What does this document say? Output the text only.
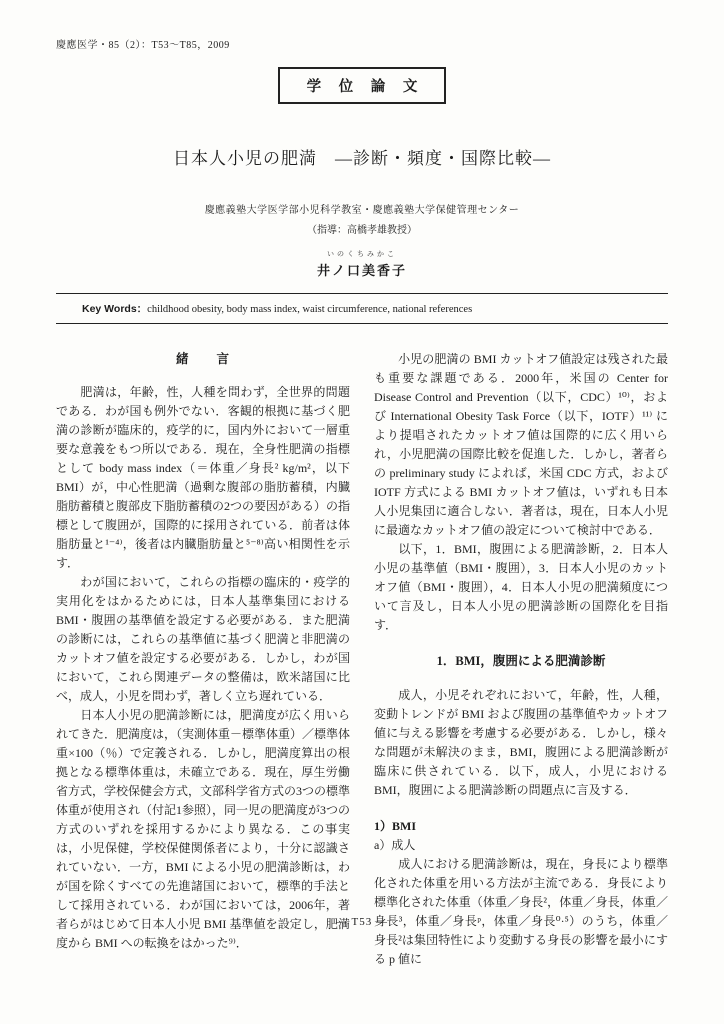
慶應医学・85（2）：T53～T85，2009
学 位 論 文
日本人小児の肥満　―診断・頻度・国際比較―
慶應義塾大学医学部小児科学教室・慶應義塾大学保健管理センター
（指導：高橋孝雄教授）
いのくちみかこ
井ノ口美香子
Key Words：childhood obesity, body mass index, waist circumference, national references
緒　　言

　肥満は，年齢，性，人種を問わず，全世界的問題である．わが国も例外でない．客観的根拠に基づく肥満の診断が臨床的，疫学的に，国内外において一層重要な意義をもつ所以である．現在，全身性肥満の指標として body mass index（＝体重／身長² kg/m²，以下 BMI）が，中心性肥満（過剰な腹部の脂肪蓄積，内臓脂肪蓄積と腹部皮下脂肪蓄積の2つの要因がある）の指標として腹囲が，国際的に採用されている．前者は体脂肪量と¹⁻⁴⁾，後者は内臓脂肪量と⁵⁻⁸⁾高い相関性を示す．

　わが国において，これらの指標の臨床的・疫学的実用化をはかるためには，日本人基準集団における BMI・腹囲の基準値を設定する必要がある．また肥満の診断には，これらの基準値に基づく肥満と非肥満のカットオフ値を設定する必要がある．しかし，わが国において，これら関連データの整備は，欧米諸国に比べ，成人，小児を問わず，著しく立ち遅れている．

　日本人小児の肥満診断には，肥満度が広く用いられてきた．肥満度は，（実測体重－標準体重）／標準体重×100（％）で定義される．しかし，肥満度算出の根拠となる標準体重は，未確立である．現在，厚生労働省方式，学校保健会方式，文部科学省方式の3つの標準体重が使用され（付記1参照），同一児の肥満度が3つの方式のいずれを採用するかにより異なる．この事実は，小児保健，学校保健関係者により，十分に認識されていない．一方，BMI による小児の肥満診断は，わが国を除くすべての先進諸国において，標準的手法として採用されている．わが国においては，2006年，著者らがはじめて日本人小児 BMI 基準値を設定し，肥満度から BMI への転換をはかった⁹⁾．

　小児の肥満の BMI カットオフ値設定は残された最も重要な課題である．2000年，米国の Center for Disease Control and Prevention（以下，CDC）¹⁰⁾，および International Obesity Task Force（以下，IOTF）¹¹⁾ により提唱されたカットオフ値は国際的に広く用いられ，小児肥満の国際比較を促進した．しかし，著者らの preliminary study によれば，米国 CDC 方式，および IOTF 方式による BMI カットオフ値は，いずれも日本人小児集団に適合しない．著者は，現在，日本人小児に最適なカットオフ値の設定について検討中である．

　以下，1．BMI，腹囲による肥満診断，2．日本人小児の基準値（BMI・腹囲），3．日本人小児のカットオフ値（BMI・腹囲），4．日本人小児の肥満頻度について言及し，日本人小児の肥満診断の国際化を目指す．

1．BMI，腹囲による肥満診断

　成人，小児それぞれにおいて，年齢，性，人種，変動トレンドが BMI および腹囲の基準値やカットオフ値に与える影響を考慮する必要がある．しかし，様々な問題が未解決のまま，BMI，腹囲による肥満診断が臨床に供されている．以下，成人，小児における BMI，腹囲による肥満診断の問題点に言及する．

1）BMI
a）成人

　成人における肥満診断は，現在，身長により標準化された体重を用いる方法が主流である．身長により標準化された体重（体重／身長²，体重／身長，体重／身長³，体重／身長ᵖ，体重／身長⁰·⁵）のうち，体重／身長²は集団特性により変動する身長の影響を最小にする p 値に

― T53 ―
